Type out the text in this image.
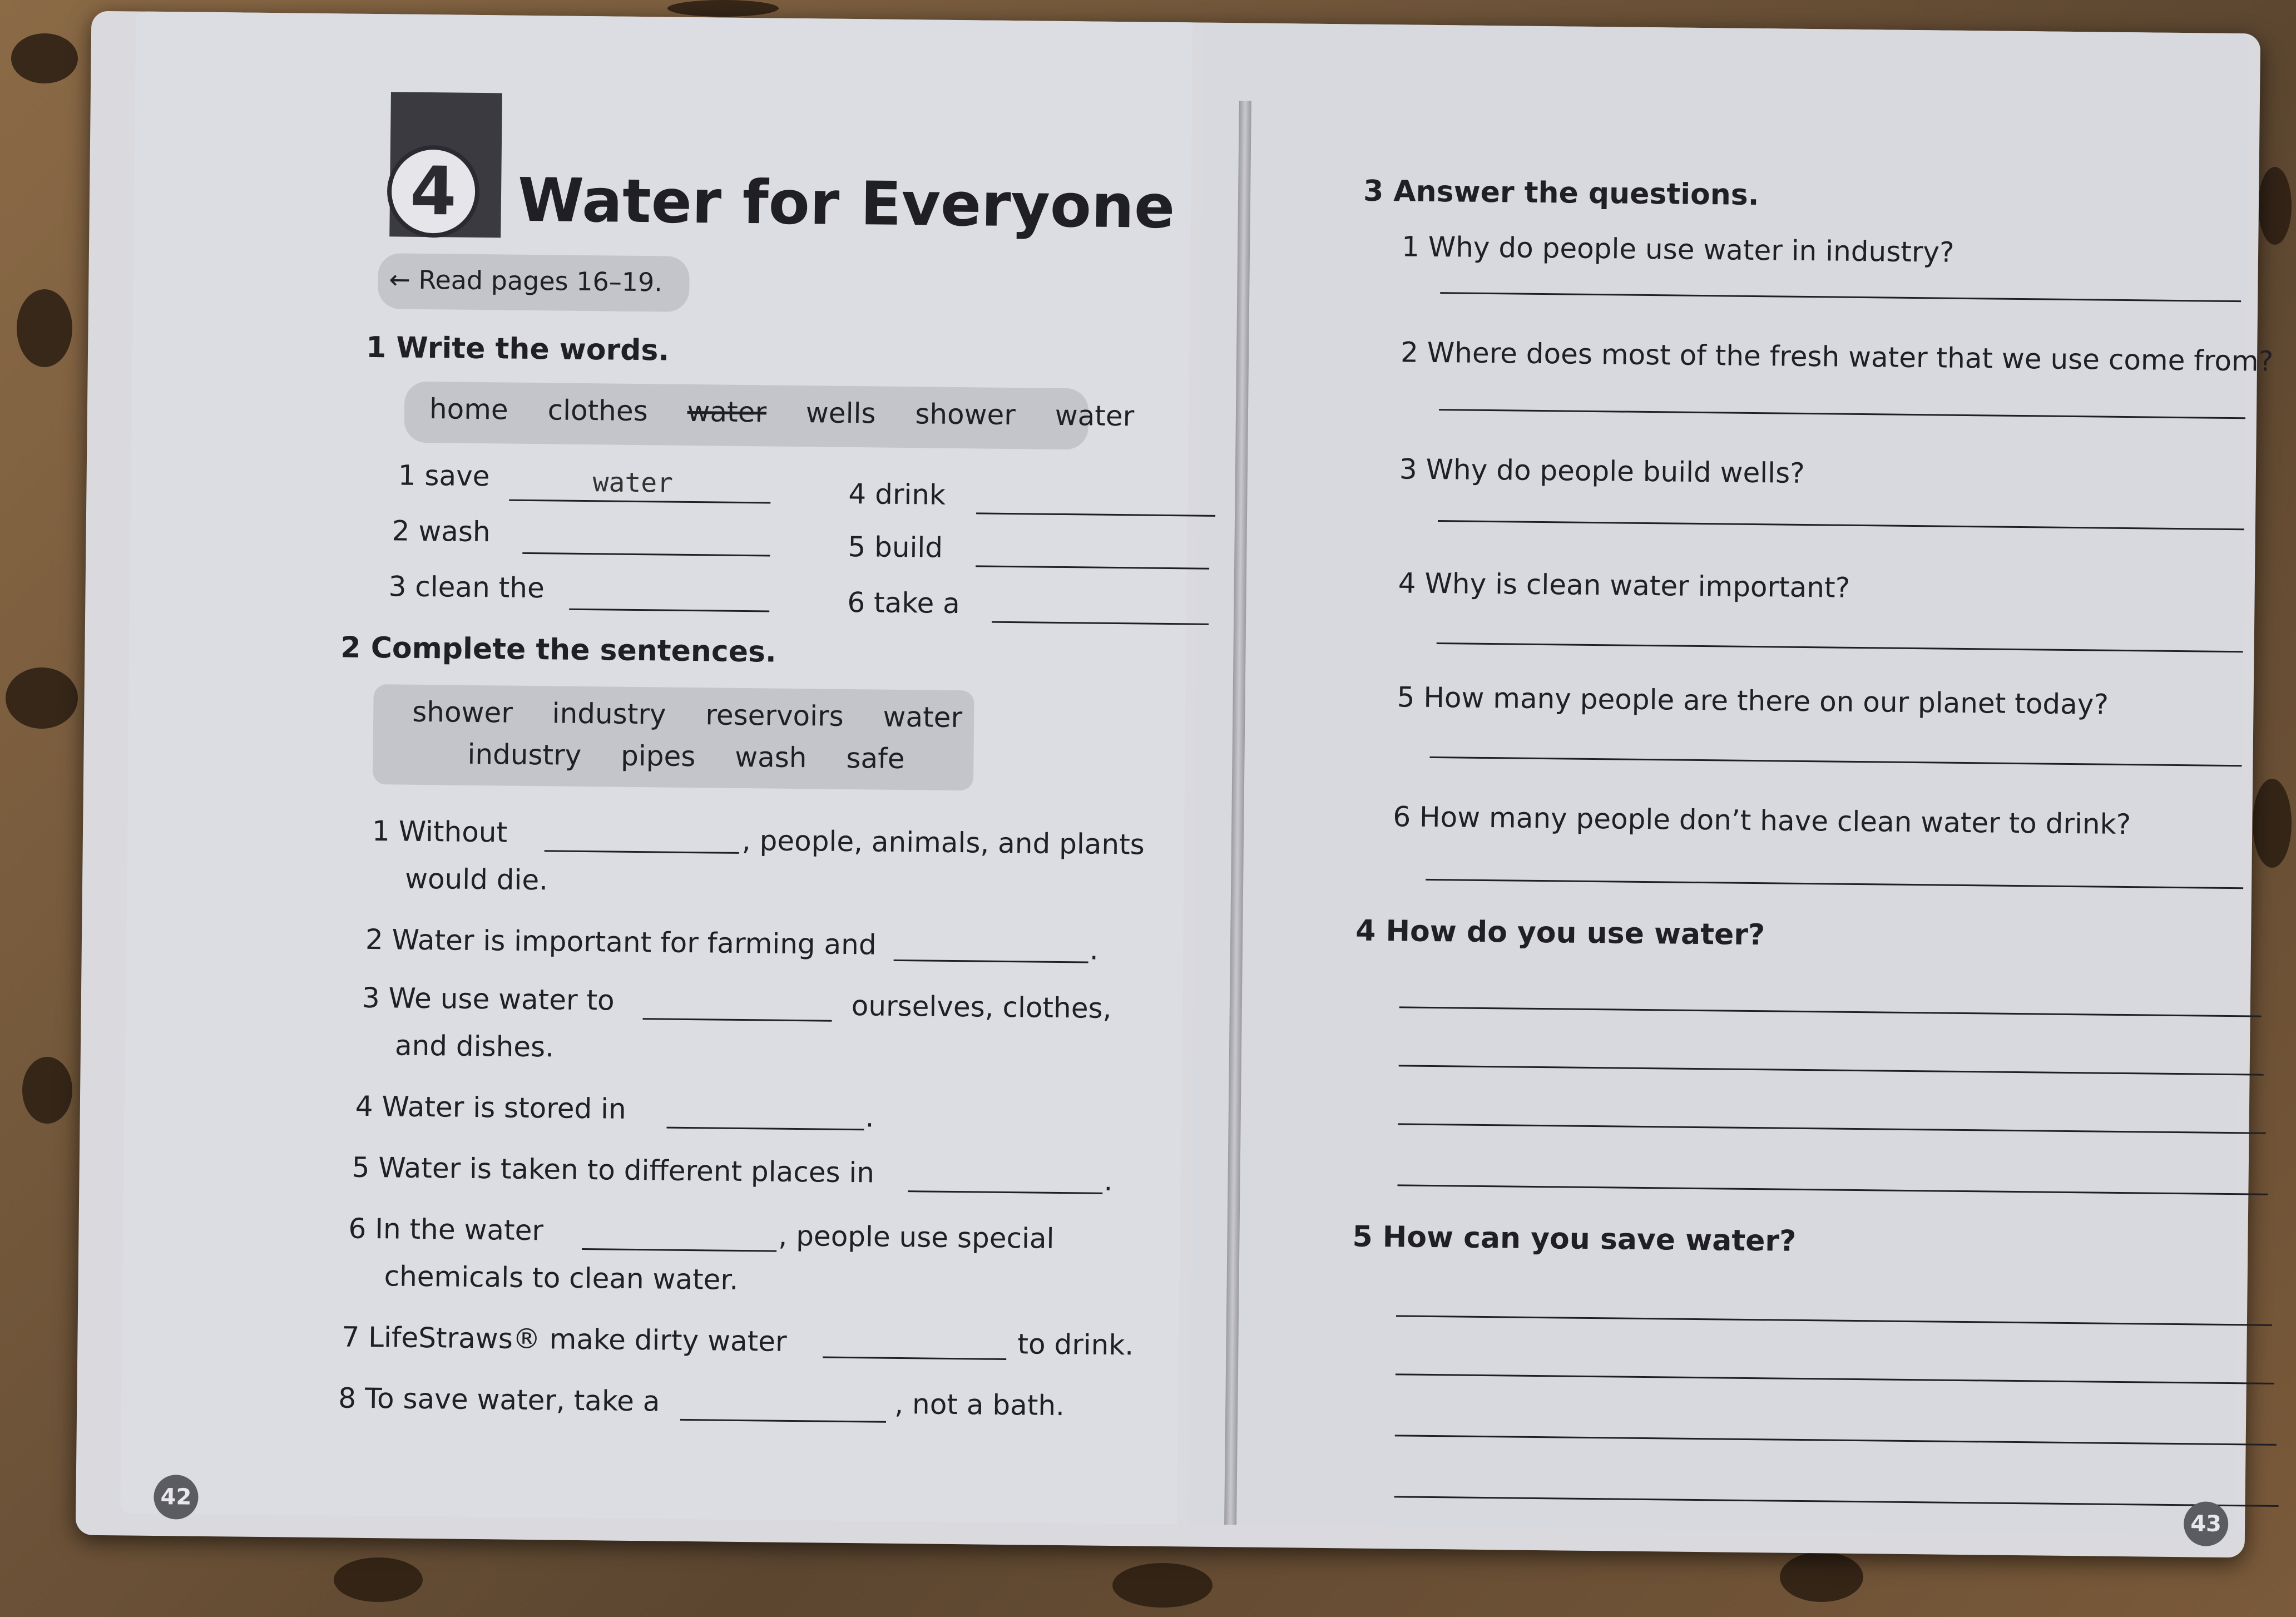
4 Water for Everyone
← Read pages 16–19.
1 Write the words.
home clothes water wells shower water
1 save	water
2 wash
3 clean the
4 drink
5 build
6 take a
2 Complete the sentences.
shower industry reservoirs water
industry pipes wash safe
1 Without	, people, animals, and plants
would die.
2 Water is important for farming and	.
3 We use water to	ourselves, clothes,
and dishes.
4 Water is stored in	.
5 Water is taken to different places in	.
6 In the water	, people use special
chemicals to clean water.
7 LifeStraws® make dirty water	to drink.
8 To save water, take a	, not a bath.
42
3 Answer the questions.
1 Why do people use water in industry?
2 Where does most of the fresh water that we use come from?
3 Why do people build wells?
4 Why is clean water important?
5 How many people are there on our planet today?
6 How many people don’t have clean water to drink?
4 How do you use water?
5 How can you save water?
43
